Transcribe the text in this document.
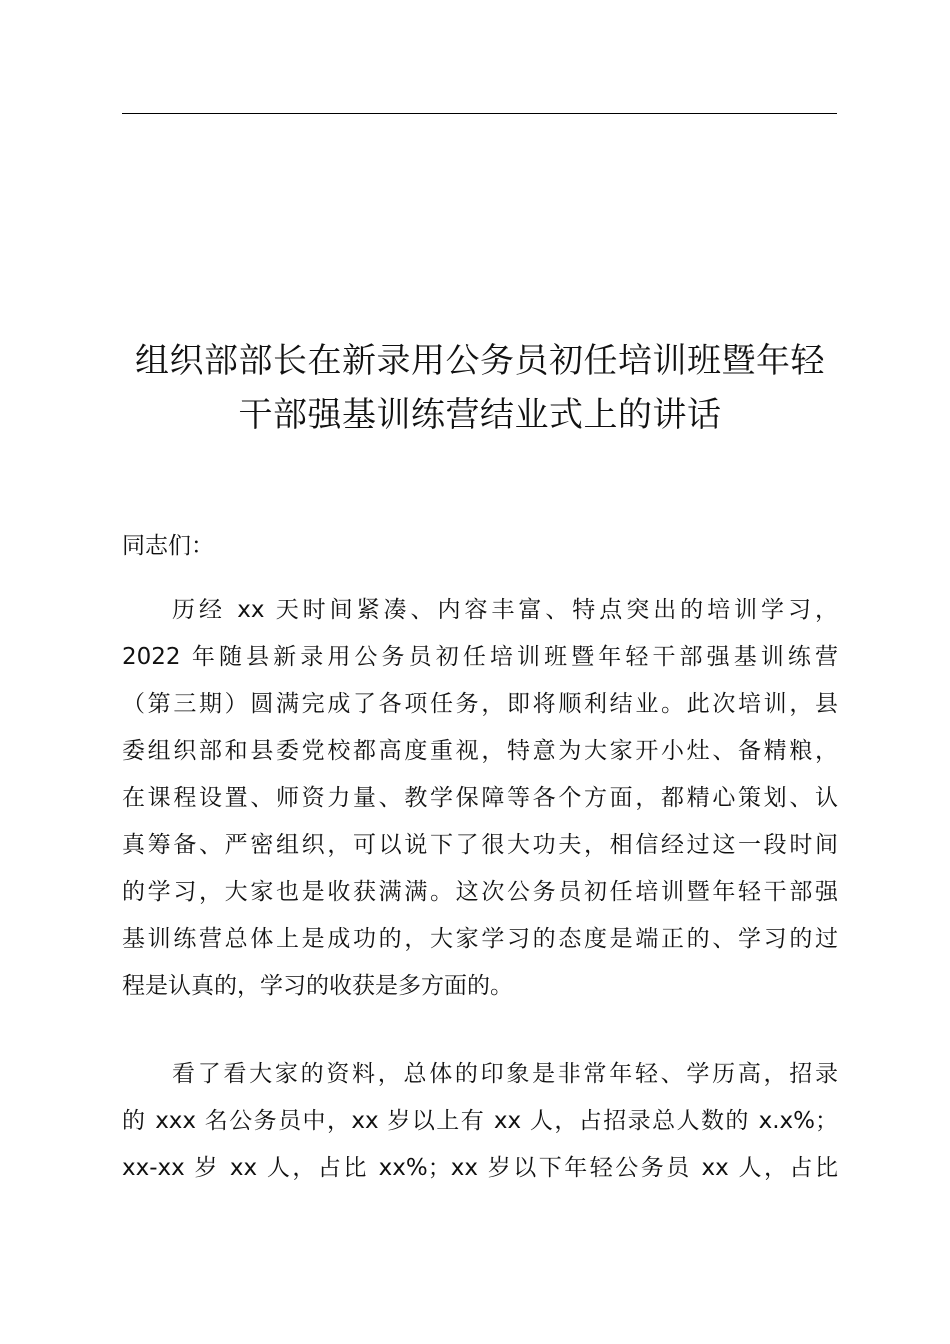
组织部部长在新录用公务员初任培训班暨年轻
干部强基训练营结业式上的讲话
同志们：
历经 xx 天时间紧凑、内容丰富、特点突出的培训学习，
2022 年随县新录用公务员初任培训班暨年轻干部强基训练营
（第三期）圆满完成了各项任务，即将顺利结业。此次培训，县
委组织部和县委党校都高度重视，特意为大家开小灶、备精粮，
在课程设置、师资力量、教学保障等各个方面，都精心策划、认
真筹备、严密组织，可以说下了很大功夫，相信经过这一段时间
的学习，大家也是收获满满。这次公务员初任培训暨年轻干部强
基训练营总体上是成功的，大家学习的态度是端正的、学习的过
程是认真的，学习的收获是多方面的。
看了看大家的资料，总体的印象是非常年轻、学历高，招录
的 xxx 名公务员中，xx 岁以上有 xx 人，占招录总人数的 x.x%；
xx-xx 岁 xx 人，占比 xx%；xx 岁以下年轻公务员 xx 人，占比
